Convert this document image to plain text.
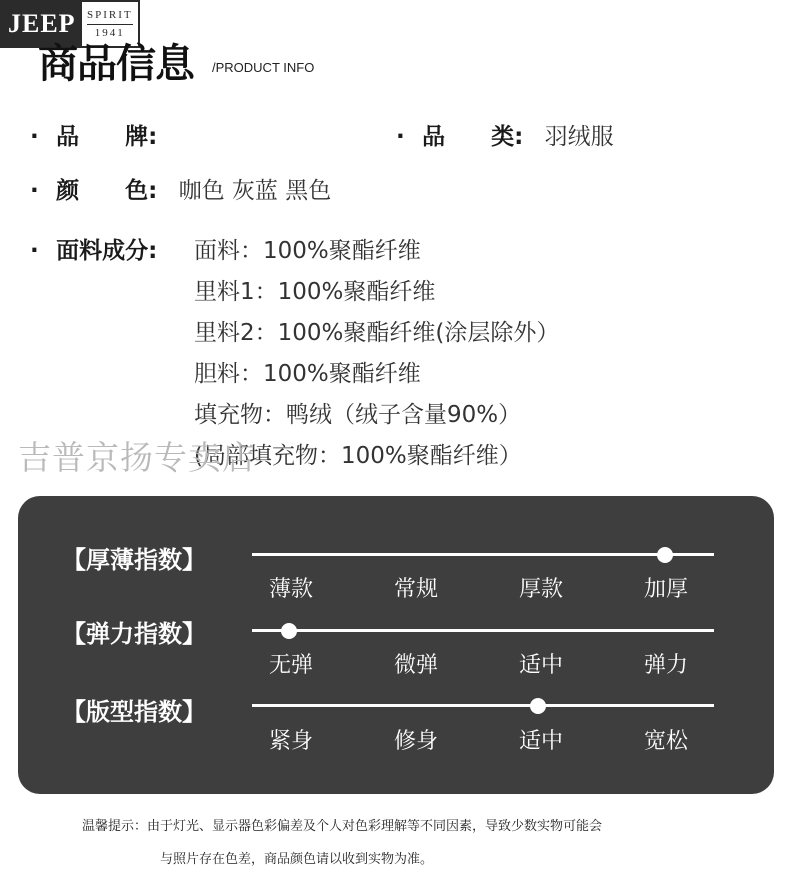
JEEP	SPIRIT
1941
商品信息 /PRODUCT INFO
· 品　　牌:	· 品　　类: 羽绒服
· 颜　　色: 咖色 灰蓝 黑色
· 面料成分: 面料：100%聚酯纤维
里料1：100%聚酯纤维
里料2：100%聚酯纤维(涂层除外）
胆料：100%聚酯纤维
填充物：鸭绒（绒子含量90%）
(局部填充物：100%聚酯纤维）
吉普京扬专卖店
【厚薄指数】
薄款	常规	厚款	加厚
【弹力指数】
无弹	微弹	适中	弹力
【版型指数】
紧身	修身	适中	宽松
温馨提示：由于灯光、显示器色彩偏差及个人对色彩理解等不同因素，导致少数实物可能会
与照片存在色差，商品颜色请以收到实物为准。
